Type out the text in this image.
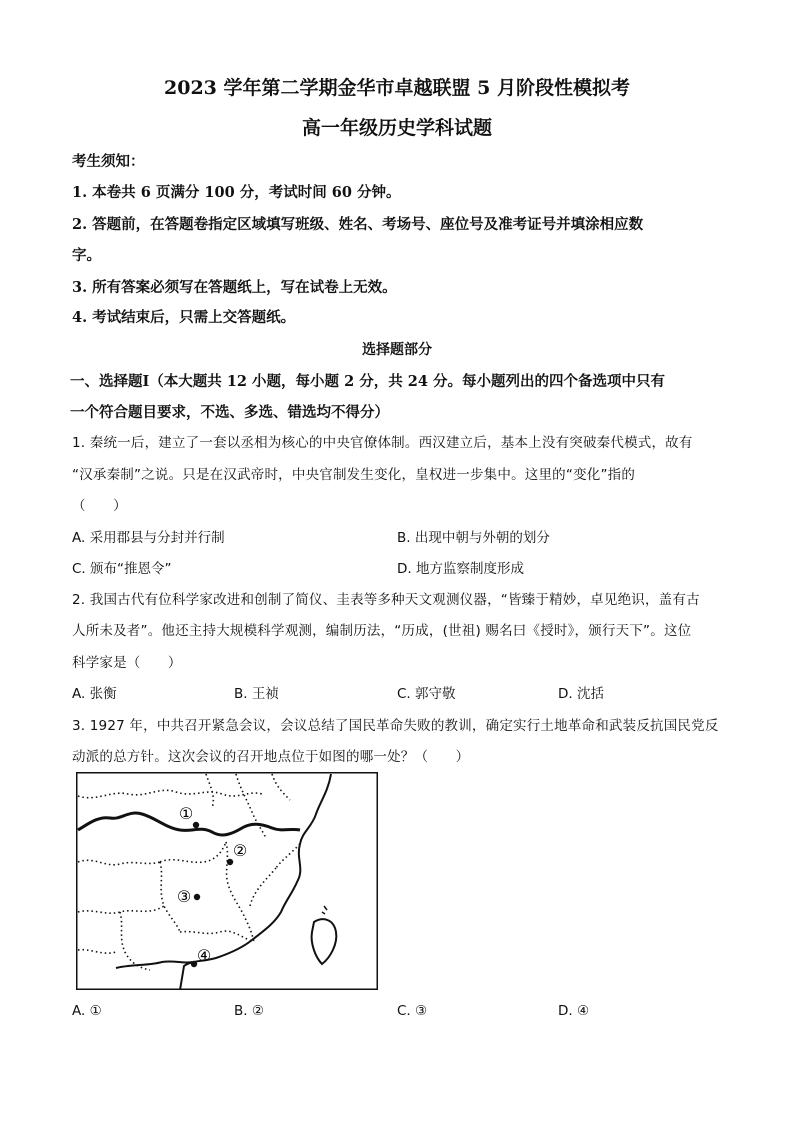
2023 学年第二学期金华市卓越联盟 5 月阶段性模拟考
高一年级历史学科试题
考生须知：
1. 本卷共 6 页满分 100 分，考试时间 60 分钟。
2. 答题前，在答题卷指定区域填写班级、姓名、考场号、座位号及准考证号并填涂相应数
字。
3. 所有答案必须写在答题纸上，写在试卷上无效。
4. 考试结束后，只需上交答题纸。
选择题部分
一、选择题Ⅰ（本大题共 12 小题，每小题 2 分，共 24 分。每小题列出的四个备选项中只有
一个符合题目要求，不选、多选、错选均不得分）
1. 秦统一后，建立了一套以丞相为核心的中央官僚体制。西汉建立后，基本上没有突破秦代模式，故有
“汉承秦制”之说。只是在汉武帝时，中央官制发生变化，皇权进一步集中。这里的“变化”指的
（　　）
A. 采用郡县与分封并行制	B. 出现中朝与外朝的划分
C. 颁布“推恩令”	D. 地方监察制度形成
2. 我国古代有位科学家改进和创制了简仪、圭表等多种天文观测仪器，“皆臻于精妙，卓见绝识，盖有古
人所未及者”。他还主持大规模科学观测，编制历法，“历成，(世祖) 赐名曰《授时》，颁行天下”。这位
科学家是（　　）
A. 张衡	B. 王祯	C. 郭守敬	D. 沈括
3. 1927 年，中共召开紧急会议，会议总结了国民革命失败的教训，确定实行土地革命和武装反抗国民党反
动派的总方针。这次会议的召开地点位于如图的哪一处？（　　）
①
②
③
④
A. ①	B. ②	C. ③	D. ④
